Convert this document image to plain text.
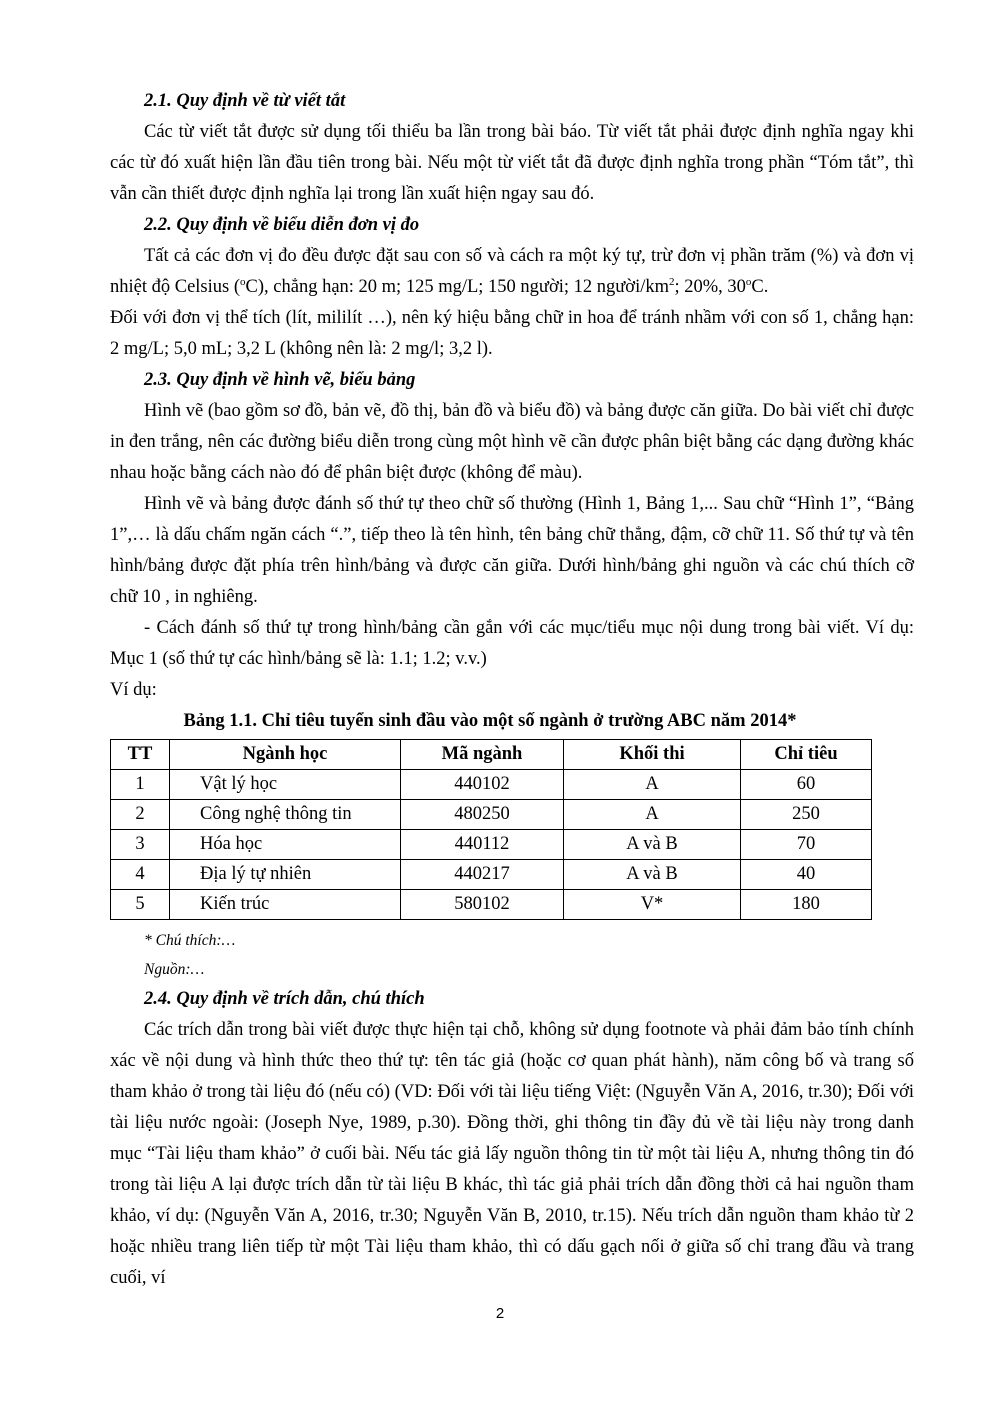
2.1. Quy định về từ viết tắt

Các từ viết tắt được sử dụng tối thiểu ba lần trong bài báo. Từ viết tắt phải được định nghĩa ngay khi các từ đó xuất hiện lần đầu tiên trong bài. Nếu một từ viết tắt đã được định nghĩa trong phần “Tóm tắt”, thì vẫn cần thiết được định nghĩa lại trong lần xuất hiện ngay sau đó.

2.2. Quy định về biểu diễn đơn vị đo

Tất cả các đơn vị đo đều được đặt sau con số và cách ra một ký tự, trừ đơn vị phần trăm (%) và đơn vị nhiệt độ Celsius ($^o$C), chẳng hạn: 20 m; 125 mg/L; 150 người; 12 người/$km^2$; 20%, 30$^o$C.

Đối với đơn vị thể tích (lít, mililít …), nên ký hiệu bằng chữ in hoa để tránh nhầm với con số 1, chẳng hạn: 2 mg/L; 5,0 mL; 3,2 L (không nên là: 2 mg/l; 3,2 l).

2.3. Quy định về hình vẽ, biểu bảng

Hình vẽ (bao gồm sơ đồ, bản vẽ, đồ thị, bản đồ và biểu đồ) và bảng được căn giữa. Do bài viết chỉ được in đen trắng, nên các đường biểu diễn trong cùng một hình vẽ cần được phân biệt bằng các dạng đường khác nhau hoặc bằng cách nào đó để phân biệt được (không để màu).

Hình vẽ và bảng được đánh số thứ tự theo chữ số thường (Hình 1, Bảng 1,... Sau chữ “Hình 1”, “Bảng 1”,… là dấu chấm ngăn cách “.”, tiếp theo là tên hình, tên bảng chữ thẳng, đậm, cỡ chữ 11. Số thứ tự và tên hình/bảng được đặt phía trên hình/bảng và được căn giữa. Dưới hình/bảng ghi nguồn và các chú thích cỡ chữ 10 , in nghiêng.

- Cách đánh số thứ tự trong hình/bảng cần gắn với các mục/tiểu mục nội dung trong bài viết. Ví dụ: Mục 1 (số thứ tự các hình/bảng sẽ là: 1.1; 1.2; v.v.)

Ví dụ:

Bảng 1.1. Chỉ tiêu tuyển sinh đầu vào một số ngành ở trường ABC năm 2014*

TT	Ngành học	Mã ngành	Khối thi	Chỉ tiêu
1	Vật lý học	440102	A	60
2	Công nghệ thông tin	480250	A	250
3	Hóa học	440112	A và B	70
4	Địa lý tự nhiên	440217	A và B	40
5	Kiến trúc	580102	V*	180

* Chú thích:…

Nguồn:…

2.4. Quy định về trích dẫn, chú thích

Các trích dẫn trong bài viết được thực hiện tại chỗ, không sử dụng footnote và phải đảm bảo tính chính xác về nội dung và hình thức theo thứ tự: tên tác giả (hoặc cơ quan phát hành), năm công bố và trang số tham khảo ở trong tài liệu đó (nếu có) (VD: Đối với tài liệu tiếng Việt: (Nguyễn Văn A, 2016, tr.30); Đối với tài liệu nước ngoài: (Joseph Nye, 1989, p.30). Đồng thời, ghi thông tin đầy đủ về tài liệu này trong danh mục “Tài liệu tham khảo” ở cuối bài. Nếu tác giả lấy nguồn thông tin từ một tài liệu A, nhưng thông tin đó trong tài liệu A lại được trích dẫn từ tài liệu B khác, thì tác giả phải trích dẫn đồng thời cả hai nguồn tham khảo, ví dụ: (Nguyễn Văn A, 2016, tr.30; Nguyễn Văn B, 2010, tr.15). Nếu trích dẫn nguồn tham khảo từ 2 hoặc nhiều trang liên tiếp từ một Tài liệu tham khảo, thì có dấu gạch nối ở giữa số chỉ trang đầu và trang cuối, ví

2
